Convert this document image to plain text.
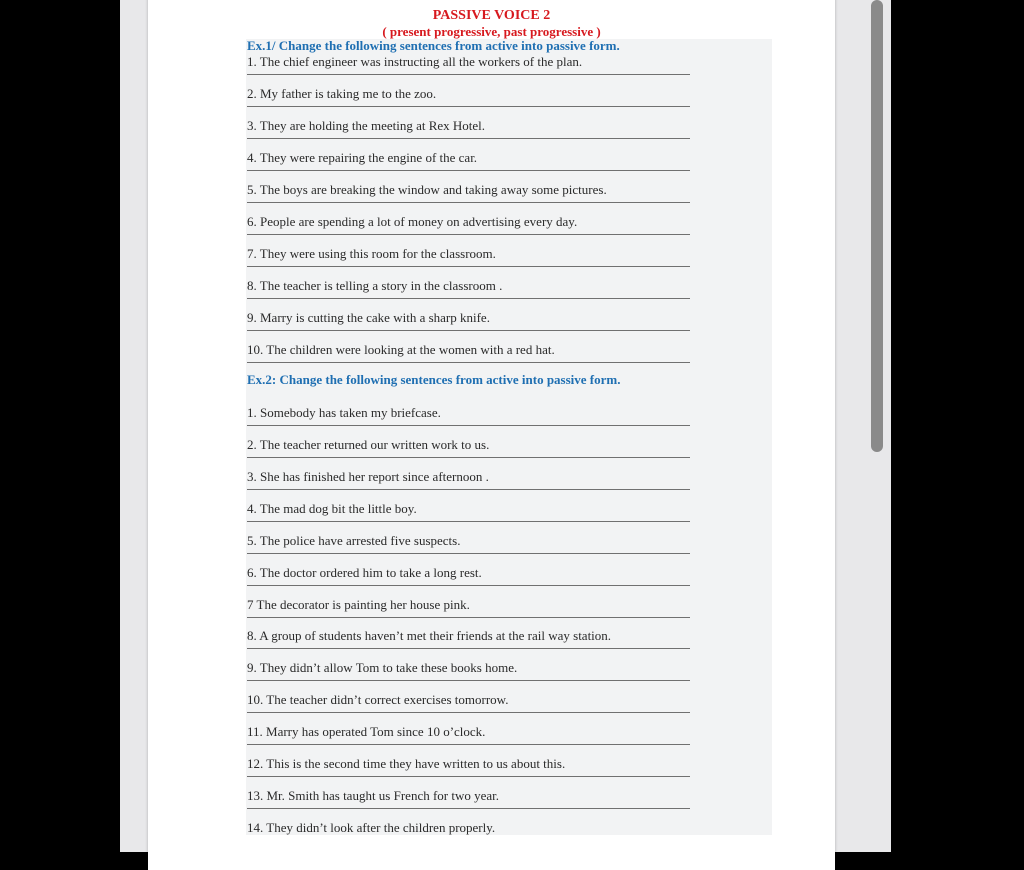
PASSIVE VOICE 2
( present progressive, past progressive )
Ex.1/ Change the following sentences from active into passive form.
1. The chief engineer was instructing all the workers of the plan.
2. My father is taking me to the zoo.
3. They are holding the meeting at Rex Hotel.
4. They were repairing the engine of the car.
5. The boys are breaking the window and taking away some pictures.
6. People are spending a lot of money on advertising every day.
7. They were using this room for the classroom.
8. The teacher is telling a story in the classroom .
9. Marry is cutting the cake with a sharp knife.
10. The children were looking at the women with a red hat.
Ex.2: Change the following sentences from active into passive form.
1. Somebody has taken my briefcase.
2. The teacher returned our written work to us.
3. She has finished her report since afternoon .
4. The mad dog bit the little boy.
5. The police have arrested five suspects.
6. The doctor ordered him to take a long rest.
7 The decorator is painting her house pink.
8. A group of students haven’t met their friends at the rail way station.
9. They didn’t allow Tom to take these books home.
10. The teacher didn’t correct exercises tomorrow.
11. Marry has operated Tom since 10 o’clock.
12. This is the second time they have written to us about this.
13. Mr. Smith has taught us French for two year.
14. They didn’t look after the children properly.
